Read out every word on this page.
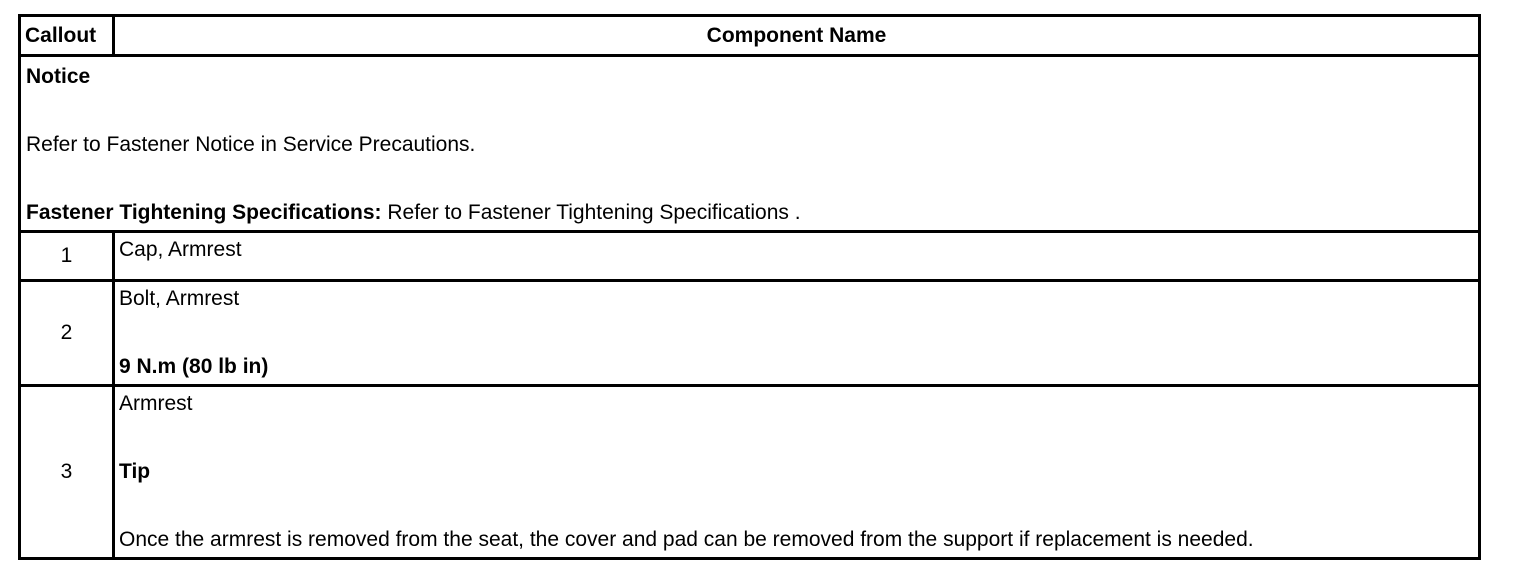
Callout	Component Name

Notice

Refer to Fastener Notice in Service Precautions.

Fastener Tightening Specifications: Refer to Fastener Tightening Specifications .	

1	Cap, Armrest
2	Bolt, Armrest

9 N.m (80 lb in)

3	Armrest

Tip

Once the armrest is removed from the seat, the cover and pad can be removed from the support if replacement is needed.
